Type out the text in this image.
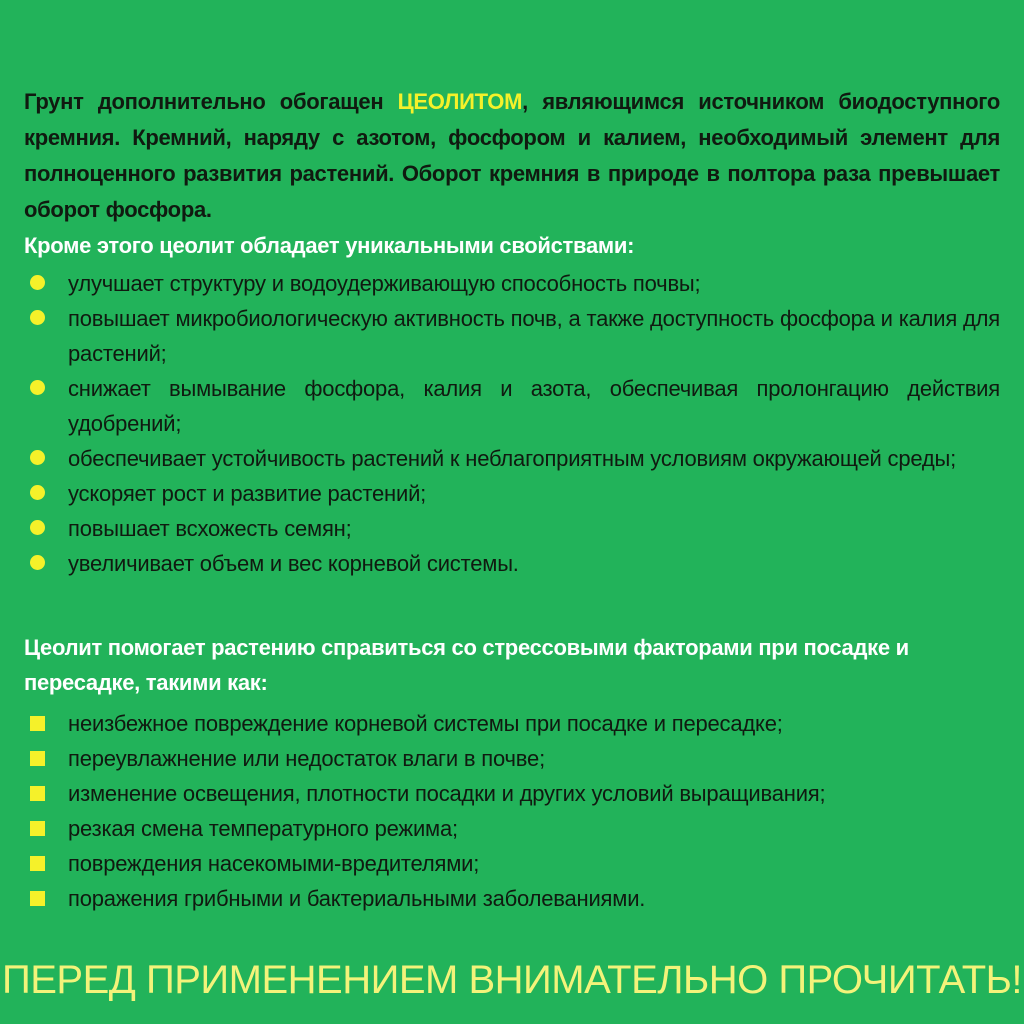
Грунт дополнительно обогащен ЦЕОЛИТОМ, являющимся источником биодоступного кремния. Кремний, наряду с азотом, фосфором и калием, необходимый элемент для полноценного развития растений. Оборот кремния в природе в полтора раза превышает оборот фосфора.

Кроме этого цеолит обладает уникальными свойствами:
улучшает структуру и водоудерживающую способность почвы;
повышает микробиологическую активность почв, а также доступность фосфора и калия для растений;
снижает вымывание фосфора, калия и азота, обеспечивая пролонгацию действия удобрений;
обеспечивает устойчивость растений к неблагоприятным условиям окружающей среды;
ускоряет рост и развитие растений;
повышает всхожесть семян;
увеличивает объем и вес корневой системы.
Цеолит помогает растению справиться со стрессовыми факторами при посадке и пересадке, такими как:
неизбежное повреждение корневой системы при посадке и пересадке;
переувлажнение или недостаток влаги в почве;
изменение освещения, плотности посадки и других условий выращивания;
резкая смена температурного режима;
повреждения насекомыми-вредителями;
поражения грибными и бактериальными заболеваниями.
ПЕРЕД ПРИМЕНЕНИЕМ ВНИМАТЕЛЬНО ПРОЧИТАТЬ!
